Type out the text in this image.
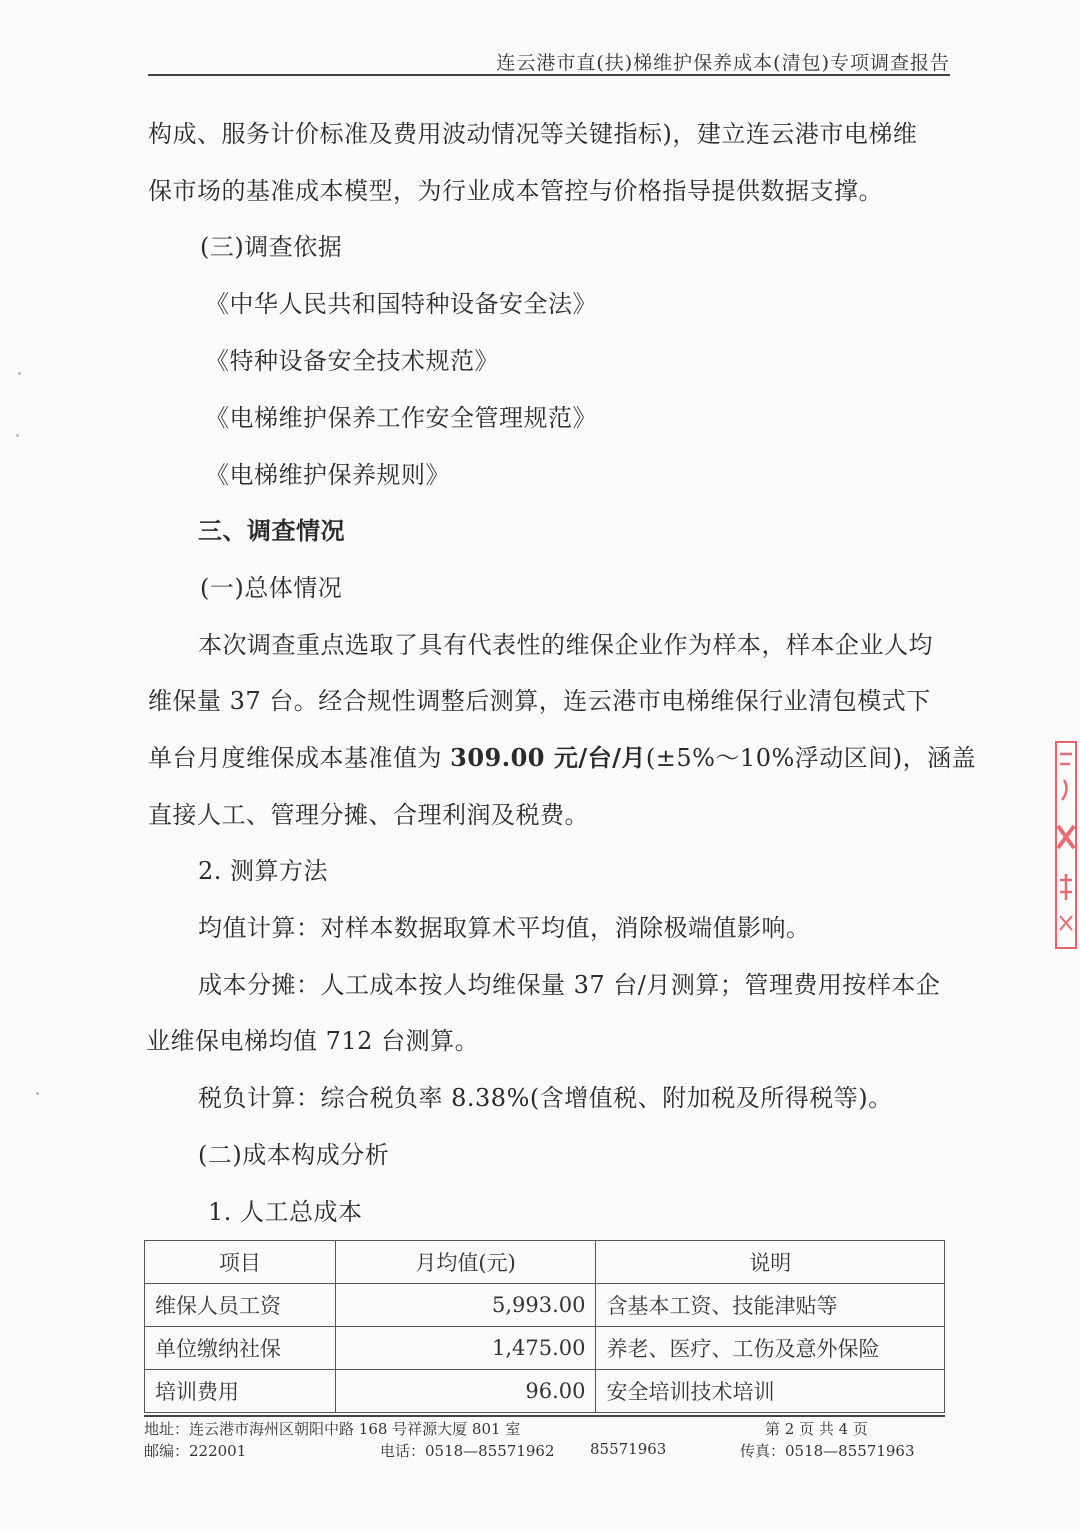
连云港市直(扶)梯维护保养成本(清包)专项调查报告
构成、服务计价标准及费用波动情况等关键指标)，建立连云港市电梯维
保市场的基准成本模型，为行业成本管控与价格指导提供数据支撑。
(三)调查依据
《中华人民共和国特种设备安全法》
《特种设备安全技术规范》
《电梯维护保养工作安全管理规范》
《电梯维护保养规则》
三、调查情况
(一)总体情况
本次调查重点选取了具有代表性的维保企业作为样本，样本企业人均
维保量 37 台。经合规性调整后测算，连云港市电梯维保行业清包模式下
单台月度维保成本基准值为 309.00 元/台/月(±5%～10%浮动区间)，涵盖
直接人工、管理分摊、合理利润及税费。
2. 测算方法
均值计算：对样本数据取算术平均值，消除极端值影响。
成本分摊：人工成本按人均维保量 37 台/月测算；管理费用按样本企
业维保电梯均值 712 台测算。
税负计算：综合税负率 8.38%(含增值税、附加税及所得税等)。
(二)成本构成分析
1. 人工总成本
项目	月均值(元)	说明
维保人员工资	5,993.00	含基本工资、技能津贴等
单位缴纳社保	1,475.00	养老、医疗、工伤及意外保险
培训费用	96.00	安全培训技术培训
地址：连云港市海州区朝阳中路 168 号祥源大厦 801 室	第 2 页 共 4 页
邮编：222001	电话：0518—85571962 85571963	传真：0518—85571963
